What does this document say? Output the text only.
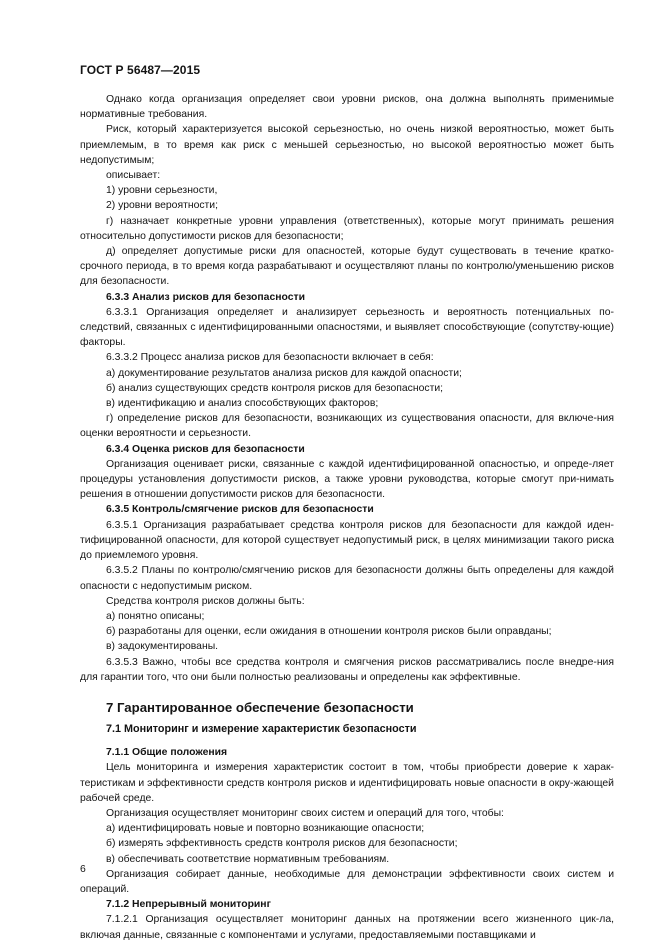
ГОСТ Р 56487—2015

Однако когда организация определяет свои уровни рисков, она должна выполнять применимые нормативные требования.

Риск, который характеризуется высокой серьезностью, но очень низкой вероятностью, может быть приемлемым, в то время как риск с меньшей серьезностью, но высокой вероятностью может быть недопустимым;

описывает:

1) уровни серьезности,

2) уровни вероятности;

г) назначает конкретные уровни управления (ответственных), которые могут принимать решения относительно допустимости рисков для безопасности;

д) определяет допустимые риски для опасностей, которые будут существовать в течение кратко-срочного периода, в то время когда разрабатывают и осуществляют планы по контролю/уменьшению рисков для безопасности.

6.3.3 Анализ рисков для безопасности

6.3.3.1 Организация определяет и анализирует серьезность и вероятность потенциальных по-следствий, связанных с идентифицированными опасностями, и выявляет способствующие (сопутству-ющие) факторы.

6.3.3.2 Процесс анализа рисков для безопасности включает в себя:

а) документирование результатов анализа рисков для каждой опасности;

б) анализ существующих средств контроля рисков для безопасности;

в) идентификацию и анализ способствующих факторов;

г) определение рисков для безопасности, возникающих из существования опасности, для включе-ния оценки вероятности и серьезности.

6.3.4 Оценка рисков для безопасности

Организация оценивает риски, связанные с каждой идентифицированной опасностью, и опреде-ляет процедуры установления допустимости рисков, а также уровни руководства, которые смогут при-нимать решения в отношении допустимости рисков для безопасности.

6.3.5 Контроль/смягчение рисков для безопасности

6.3.5.1 Организация разрабатывает средства контроля рисков для безопасности для каждой иден-тифицированной опасности, для которой существует недопустимый риск, в целях минимизации такого риска до приемлемого уровня.

6.3.5.2 Планы по контролю/смягчению рисков для безопасности должны быть определены для каждой опасности с недопустимым риском.

Средства контроля рисков должны быть:

а) понятно описаны;

б) разработаны для оценки, если ожидания в отношении контроля рисков были оправданы;

в) задокументированы.

6.3.5.3 Важно, чтобы все средства контроля и смягчения рисков рассматривались после внедре-ния для гарантии того, что они были полностью реализованы и определены как эффективные.

7 Гарантированное обеспечение безопасности

7.1 Мониторинг и измерение характеристик безопасности

7.1.1 Общие положения

Цель мониторинга и измерения характеристик состоит в том, чтобы приобрести доверие к харак-теристикам и эффективности средств контроля рисков и идентифицировать новые опасности в окру-жающей рабочей среде.

Организация осуществляет мониторинг своих систем и операций для того, чтобы:

а) идентифицировать новые и повторно возникающие опасности;

б) измерять эффективность средств контроля рисков для безопасности;

в) обеспечивать соответствие нормативным требованиям.

Организация собирает данные, необходимые для демонстрации эффективности своих систем и операций.

7.1.2 Непрерывный мониторинг

7.1.2.1 Организация осуществляет мониторинг данных на протяжении всего жизненного цик-ла, включая данные, связанные с компонентами и услугами, предоставляемыми поставщиками и

6
